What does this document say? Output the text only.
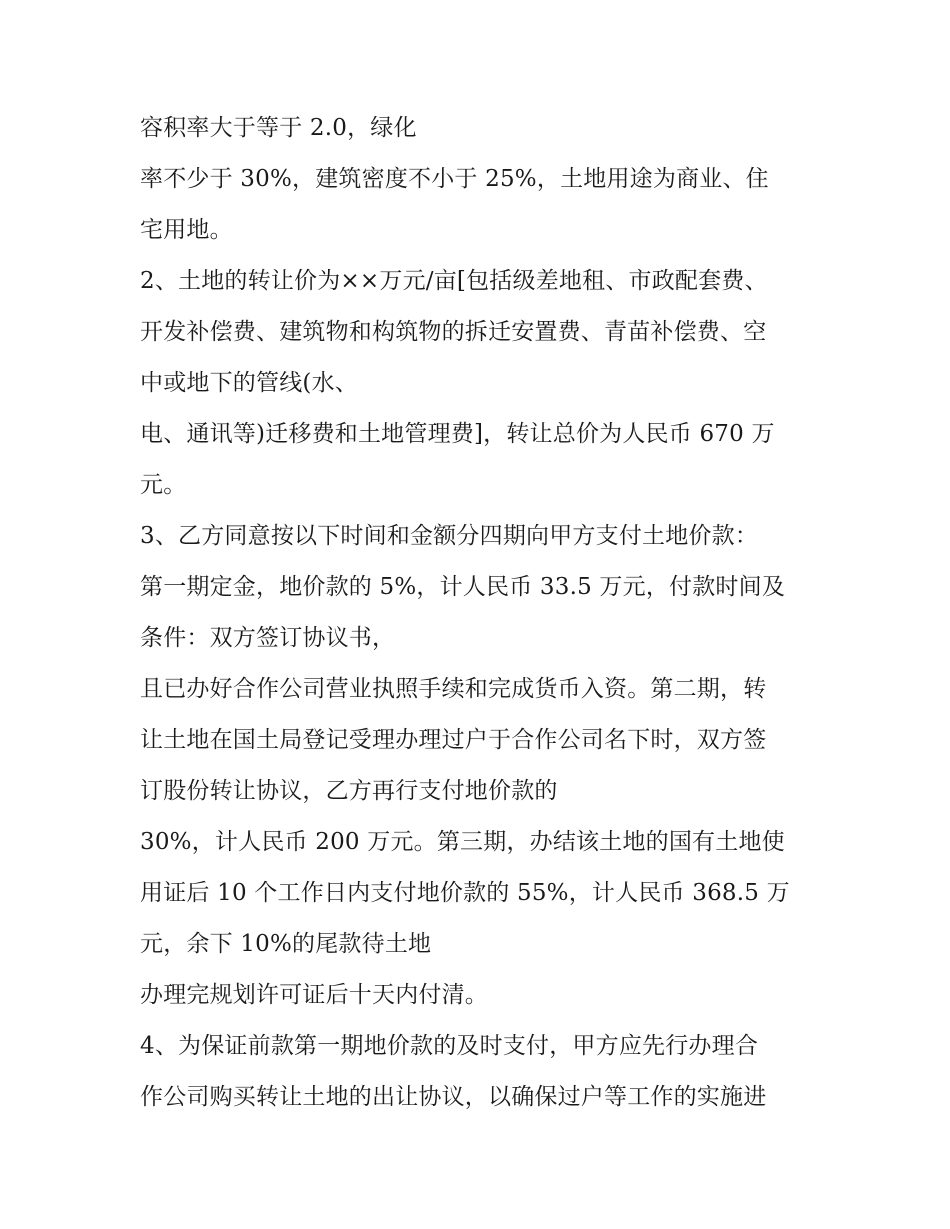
容积率大于等于 2.0，绿化
率不少于 30%，建筑密度不小于 25%，土地用途为商业、住
宅用地。
2、土地的转让价为××万元/亩[包括级差地租、市政配套费、
开发补偿费、建筑物和构筑物的拆迁安置费、青苗补偿费、空
中或地下的管线(水、
电、通讯等)迁移费和土地管理费]，转让总价为人民币 670 万
元。
3、乙方同意按以下时间和金额分四期向甲方支付土地价款：
第一期定金，地价款的 5%，计人民币 33.5 万元，付款时间及
条件：双方签订协议书，
且已办好合作公司营业执照手续和完成货币入资。第二期，转
让土地在国土局登记受理办理过户于合作公司名下时，双方签
订股份转让协议，乙方再行支付地价款的
30%，计人民币 200 万元。第三期，办结该土地的国有土地使
用证后 10 个工作日内支付地价款的 55%，计人民币 368.5 万
元，余下 10%的尾款待土地
办理完规划许可证后十天内付清。
4、为保证前款第一期地价款的及时支付，甲方应先行办理合
作公司购买转让土地的出让协议，以确保过户等工作的实施进
